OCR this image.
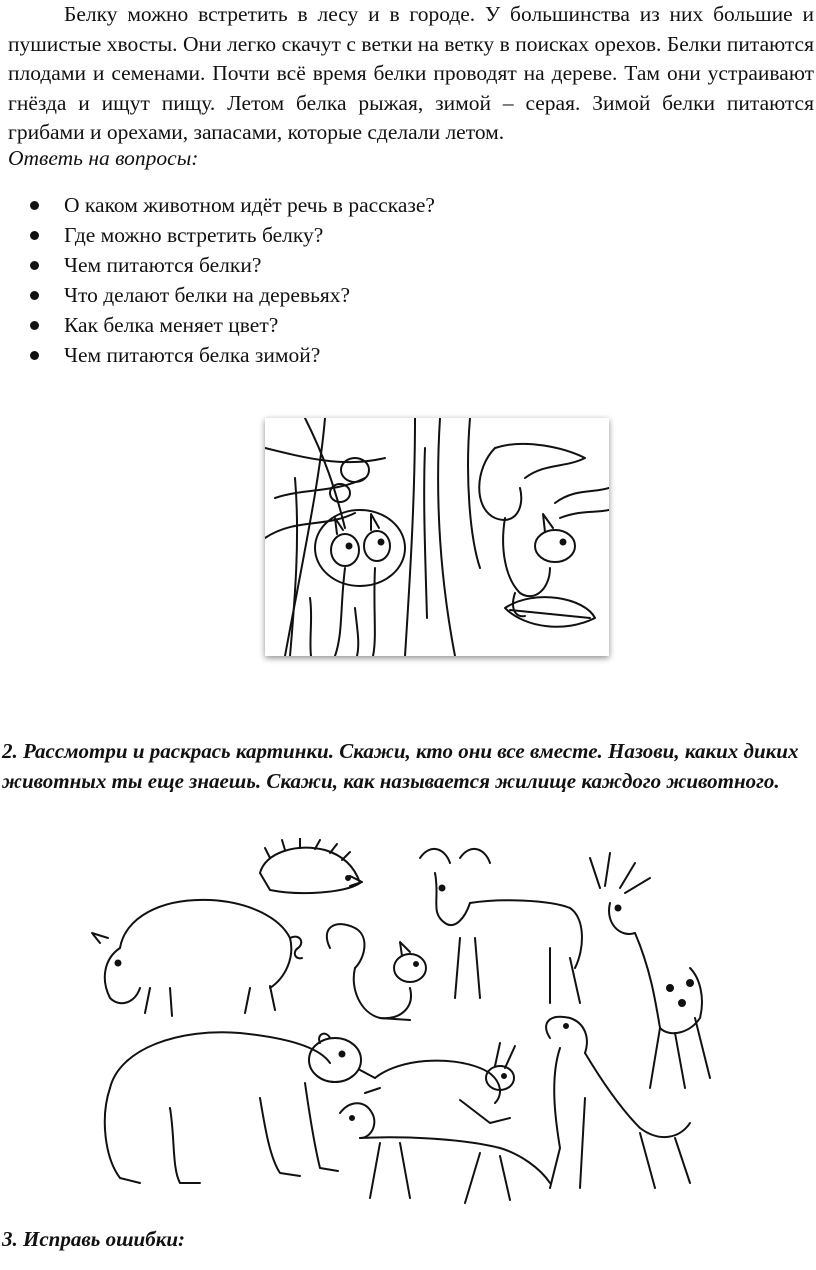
Белку можно встретить в лесу и в городе. У большинства из них большие и пушистые хвосты. Они легко скачут с ветки на ветку в поисках орехов. Белки питаются плодами и семенами. Почти всё время белки проводят на дереве. Там они устраивают гнёзда и ищут пищу. Летом белка рыжая, зимой – серая. Зимой белки питаются грибами и орехами, запасами, которые сделали летом.
Ответь на вопросы:
О каком животном идёт речь в рассказе?
Где можно встретить белку?
Чем питаются белки?
Что делают белки на деревьях?
Как белка меняет цвет?
Чем питаются белка зимой?
2. Рассмотри и раскрась картинки. Скажи, кто они все вместе. Назови, каких диких животных ты еще знаешь. Скажи, как называется жилище каждого животного.
3. Исправь ошибки:
